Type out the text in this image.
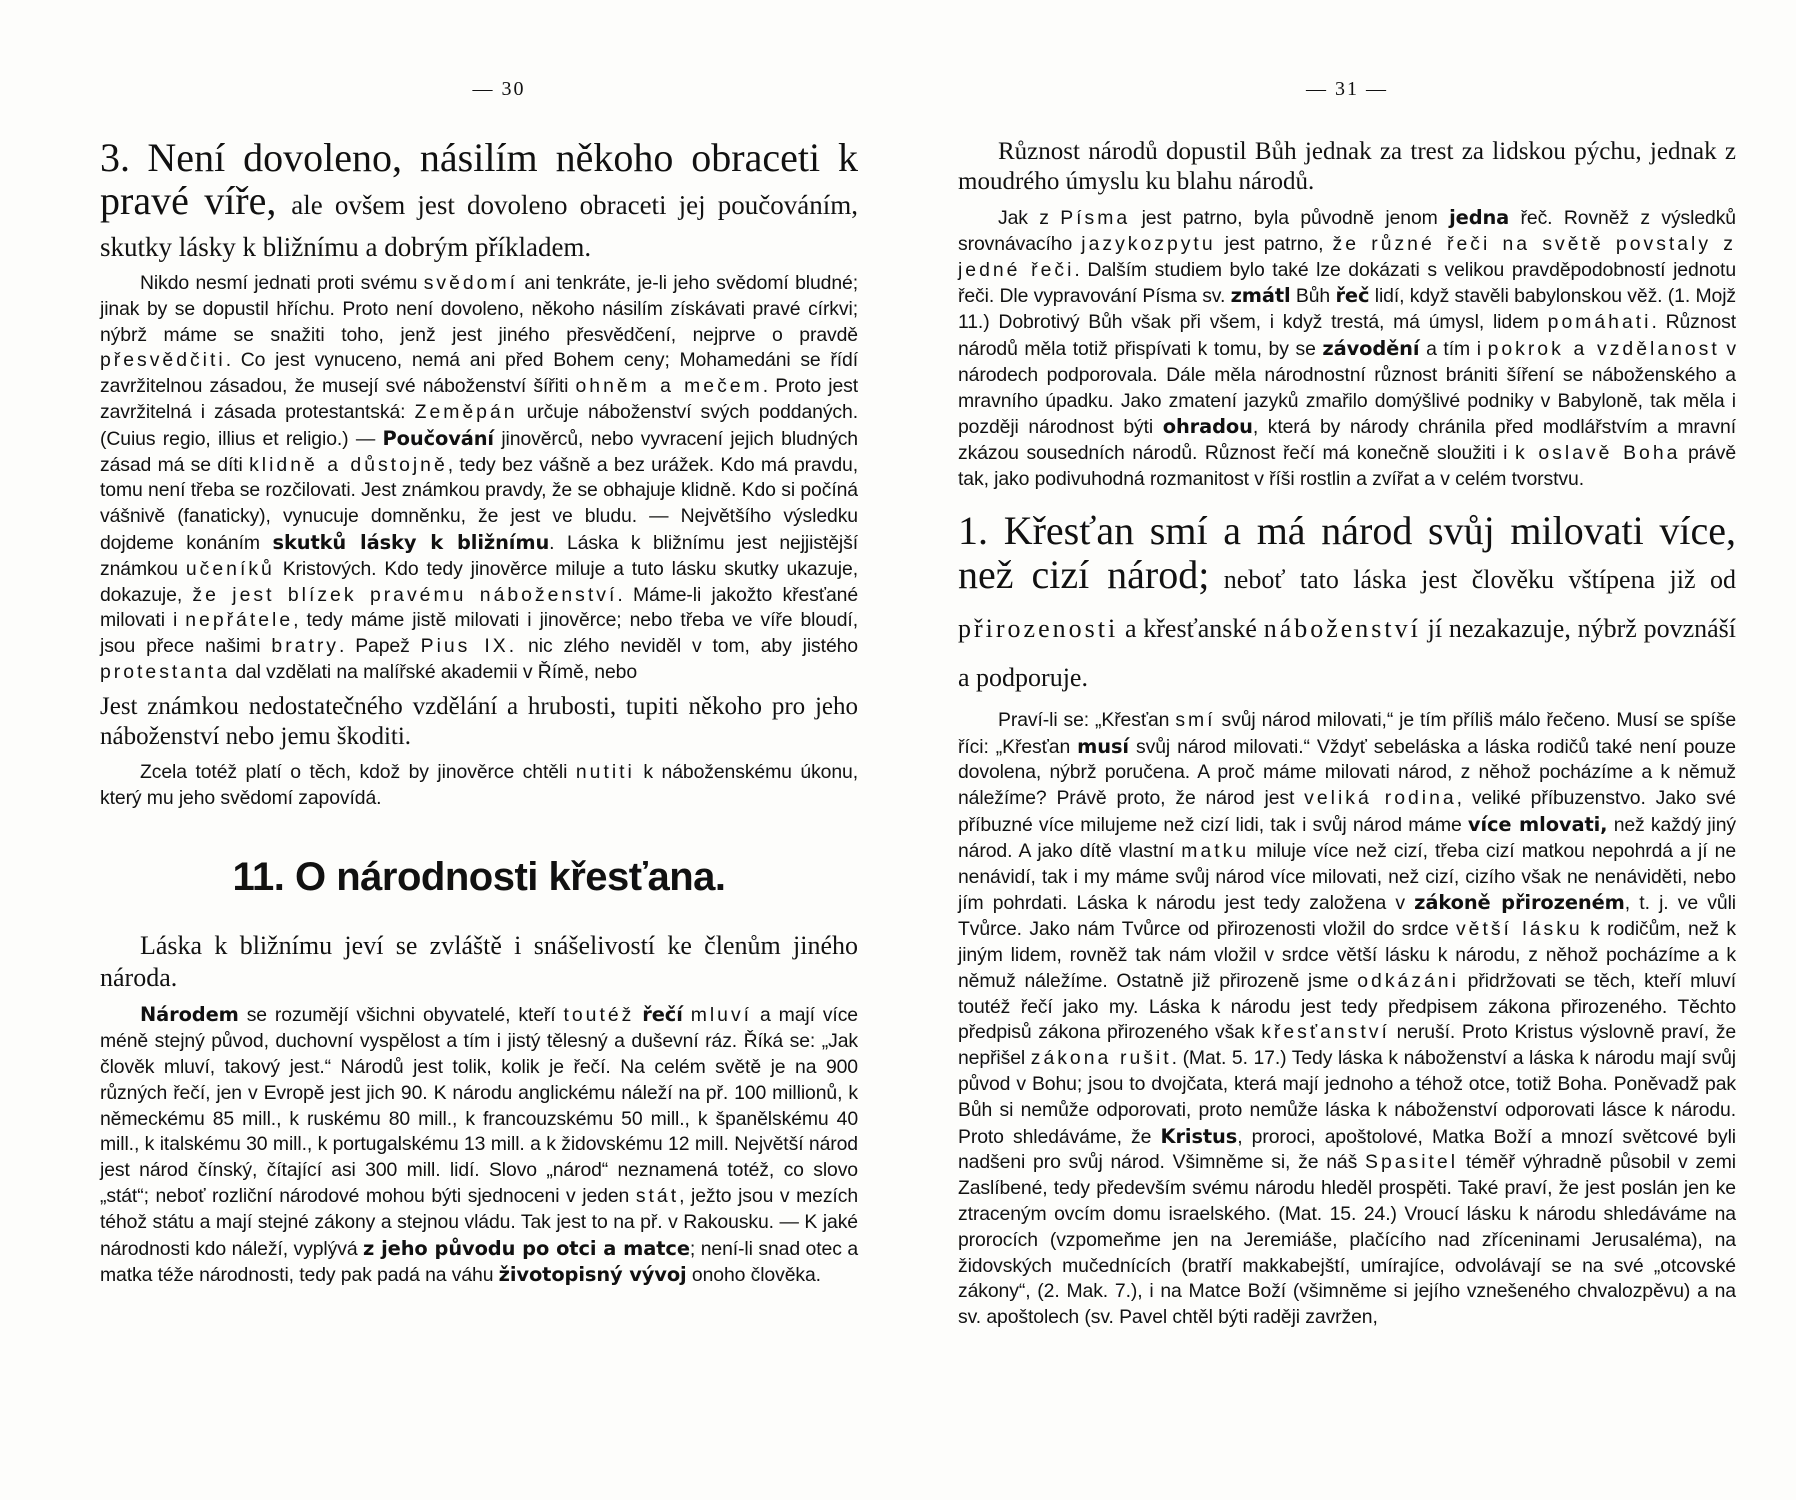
— 30

3. Není dovoleno, násilím někoho obraceti k pravé víře, ale ovšem jest dovoleno obraceti jej poučováním, skutky lásky k bližnímu a dobrým příkladem.

Nikdo nesmí jednati proti svému svědomí ani tenkráte, je-li jeho svědomí bludné; jinak by se dopustil hříchu. Proto není dovoleno, někoho násilím získávati pravé církvi; nýbrž máme se snažiti toho, jenž jest jiného přesvědčení, nejprve o pravdě přesvědčiti. Co jest vynuceno, nemá ani před Bohem ceny; Mohamedáni se řídí zavržitelnou zásadou, že musejí své náboženství šířiti ohněm a mečem. Proto jest zavržitelná i zásada protestantská: Zeměpán určuje náboženství svých poddaných. (Cuius regio, illius et religio.) — Poučování jinověrců, nebo vyvracení jejich bludných zásad má se díti klidně a důstojně, tedy bez vášně a bez urážek. Kdo má pravdu, tomu není třeba se rozčilovati. Jest známkou pravdy, že se obhajuje klidně. Kdo si počíná vášnivě (fanaticky), vynucuje domněnku, že jest ve bludu. — Největšího výsledku dojdeme konáním skutků lásky k bližnímu. Láska k bližnímu jest nejjistější známkou učeníků Kristových. Kdo tedy jinověrce miluje a tuto lásku skutky ukazuje, dokazuje, že jest blízek pravému náboženství. Máme-li jakožto křesťané milovati i nepřátele, tedy máme jistě milovati i jinověrce; nebo třeba ve víře bloudí, jsou přece našimi bratry. Papež Pius IX. nic zlého neviděl v tom, aby jistého protestanta dal vzdělati na malířské akademii v Římě, nebo

Jest známkou nedostatečného vzdělání a hrubosti, tupiti někoho pro jeho náboženství nebo jemu škoditi.

Zcela totéž platí o těch, kdož by jinověrce chtěli nutiti k náboženskému úkonu, který mu jeho svědomí zapovídá.

11. O národnosti křesťana.

Láska k bližnímu jeví se zvláště i snášelivostí ke členům jiného národa.

Národem se rozumějí všichni obyvatelé, kteří toutéž řečí mluví a mají více méně stejný původ, duchovní vyspělost a tím i jistý tělesný a duševní ráz. Říká se: „Jak člověk mluví, takový jest.“ Národů jest tolik, kolik je řečí. Na celém světě je na 900 různých řečí, jen v Evropě jest jich 90. K národu anglickému náleží na př. 100 millionů, k německému 85 mill., k ruskému 80 mill., k francouzskému 50 mill., k španělskému 40 mill., k italskému 30 mill., k portugalskému 13 mill. a k židovskému 12 mill. Největší národ jest národ čínský, čítající asi 300 mill. lidí. Slovo „národ“ neznamená totéž, co slovo „stát“; neboť rozliční národové mohou býti sjednoceni v jeden stát, ježto jsou v mezích téhož státu a mají stejné zákony a stejnou vládu. Tak jest to na př. v Rakousku. — K jaké národnosti kdo náleží, vyplývá z jeho původu po otci a matce; není-li snad otec a matka téže národnosti, tedy pak padá na váhu životopisný vývoj onoho člověka.

— 31 —

Různost národů dopustil Bůh jednak za trest za lidskou pýchu, jednak z moudrého úmyslu ku blahu národů.

Jak z Písma jest patrno, byla původně jenom jedna řeč. Rovněž z výsledků srovnávacího jazykozpytu jest patrno, že různé řeči na světě povstaly z jedné řeči. Dalším studiem bylo také lze dokázati s velikou pravděpodobností jednotu řeči. Dle vypravování Písma sv. zmátl Bůh řeč lidí, když stavěli babylonskou věž. (1. Mojž 11.) Dobrotivý Bůh však při všem, i když trestá, má úmysl, lidem pomáhati. Různost národů měla totiž přispívati k tomu, by se závodění a tím i pokrok a vzdělanost v národech podporovala. Dále měla národnostní různost brániti šíření se náboženského a mravního úpadku. Jako zmatení jazyků zmařilo domýšlivé podniky v Babyloně, tak měla i později národnost býti ohradou, která by národy chránila před modlářstvím a mravní zkázou sousedních národů. Různost řečí má konečně sloužiti i k oslavě Boha právě tak, jako podivuhodná rozmanitost v říši rostlin a zvířat a v celém tvorstvu.

1. Křesťan smí a má národ svůj milovati více, než cizí národ; neboť tato láska jest člověku vštípena již od přirozenosti a křesťanské náboženství jí nezakazuje, nýbrž povznáší a podporuje.

Praví-li se: „Křesťan smí svůj národ milovati,“ je tím příliš málo řečeno. Musí se spíše říci: „Křesťan musí svůj národ milovati.“ Vždyť sebeláska a láska rodičů také není pouze dovolena, nýbrž poručena. A proč máme milovati národ, z něhož pocházíme a k němuž náležíme? Právě proto, že národ jest veliká rodina, veliké příbuzenstvo. Jako své příbuzné více milujeme než cizí lidi, tak i svůj národ máme více mlovati, než každý jiný národ. A jako dítě vlastní matku miluje více než cizí, třeba cizí matkou nepohrdá a jí ne nenávidí, tak i my máme svůj národ více milovati, než cizí, cizího však ne nenáviděti, nebo jím pohrdati. Láska k národu jest tedy založena v zákoně přirozeném, t. j. ve vůli Tvůrce. Jako nám Tvůrce od přirozenosti vložil do srdce větší lásku k rodičům, než k jiným lidem, rovněž tak nám vložil v srdce větší lásku k národu, z něhož pocházíme a k němuž náležíme. Ostatně již přirozeně jsme odkázáni přidržovati se těch, kteří mluví toutéž řečí jako my. Láska k národu jest tedy předpisem zákona přirozeného. Těchto předpisů zákona přirozeného však křesťanství neruší. Proto Kristus výslovně praví, že nepřišel zákona rušit. (Mat. 5. 17.) Tedy láska k náboženství a láska k národu mají svůj původ v Bohu; jsou to dvojčata, která mají jednoho a téhož otce, totiž Boha. Poněvadž pak Bůh si nemůže odporovati, proto nemůže láska k náboženství odporovati lásce k národu. Proto shledáváme, že Kristus, proroci, apoštolové, Matka Boží a mnozí světcové byli nadšeni pro svůj národ. Všimněme si, že náš Spasitel téměř výhradně působil v zemi Zaslíbené, tedy především svému národu hleděl prospěti. Také praví, že jest poslán jen ke ztraceným ovcím domu israelského. (Mat. 15. 24.) Vroucí lásku k národu shledáváme na prorocích (vzpomeňme jen na Jeremiáše, plačícího nad zříceninami Jerusaléma), na židovských mučednících (bratří makkabejští, umírajíce, odvolávají se na své „otcovské zákony“, (2. Mak. 7.), i na Matce Boží (všimněme si jejího vznešeného chvalozpěvu) a na sv. apoštolech (sv. Pavel chtěl býti raději zavržen,
